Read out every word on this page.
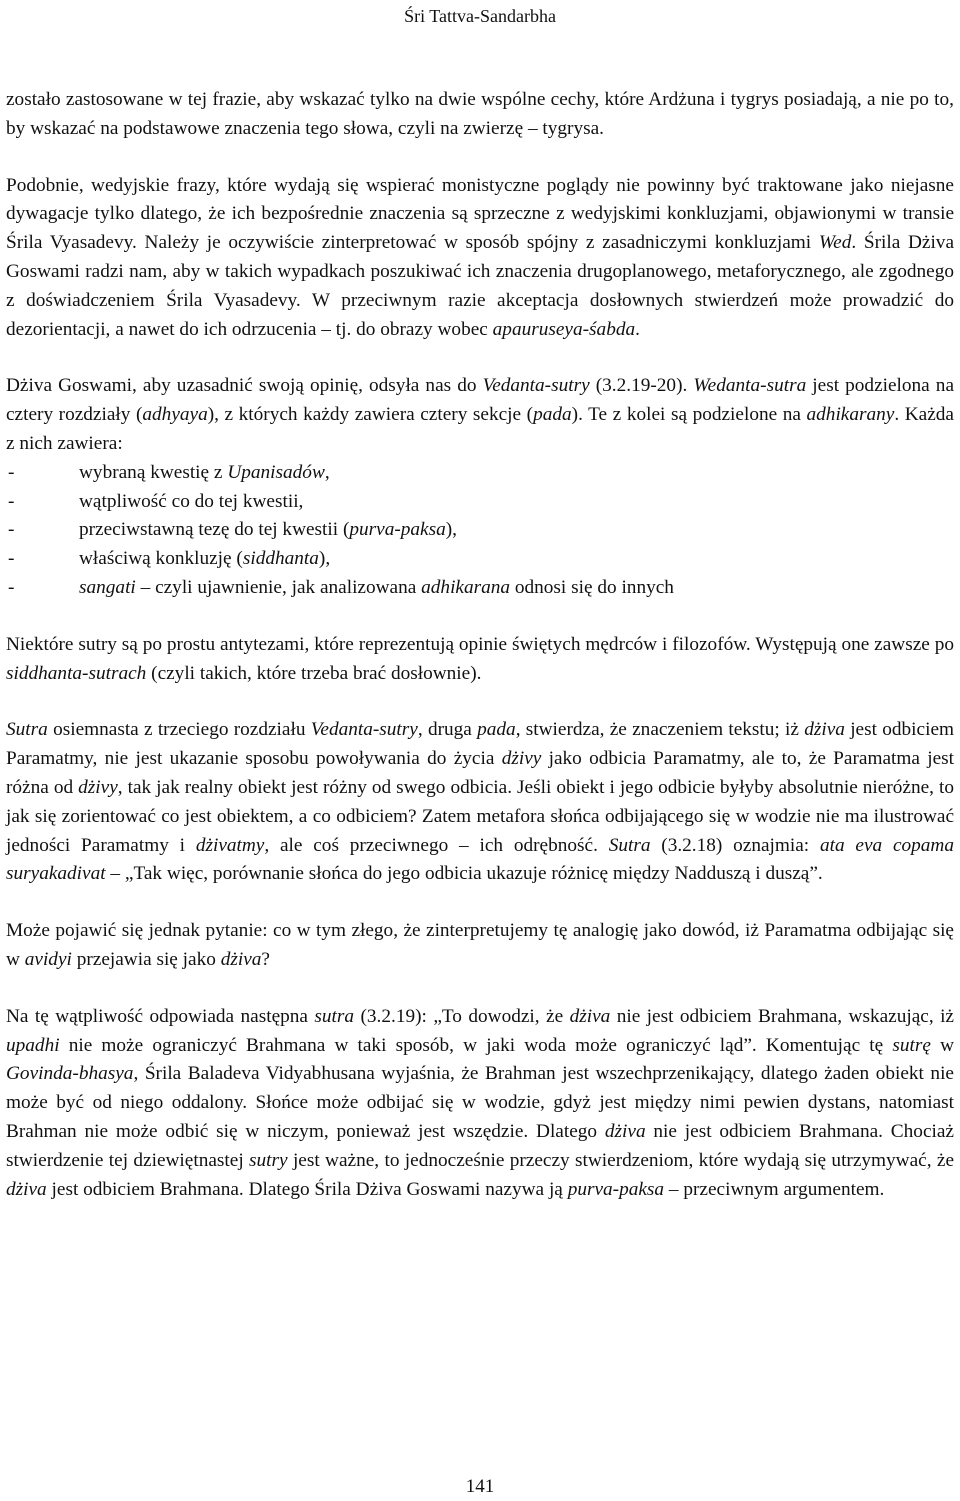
Śri Tattva-Sandarbha

zostało zastosowane w tej frazie, aby wskazać tylko na dwie wspólne cechy, które Ardżuna i tygrys posiadają, a nie po to, by wskazać na podstawowe znaczenia tego słowa, czyli na zwierzę – tygrysa.

Podobnie, wedyjskie frazy, które wydają się wspierać monistyczne poglądy nie powinny być traktowane jako niejasne dywagacje tylko dlatego, że ich bezpośrednie znaczenia są sprzeczne z wedyjskimi konkluzjami, objawionymi w transie Śrila Vyasadevy. Należy je oczywiście zinterpretować w sposób spójny z zasadniczymi konkluzjami Wed. Śrila Dżiva Goswami radzi nam, aby w takich wypadkach poszukiwać ich znaczenia drugoplanowego, metaforycznego, ale zgodnego z doświadczeniem Śrila Vyasadevy. W przeciwnym razie akceptacja dosłownych stwierdzeń może prowadzić do dezorientacji, a nawet do ich odrzucenia – tj. do obrazy wobec apauruseya-śabda.

Dżiva Goswami, aby uzasadnić swoją opinię, odsyła nas do Vedanta-sutry (3.2.19-20). Wedanta-sutra jest podzielona na cztery rozdziały (adhyaya), z których każdy zawiera cztery sekcje (pada). Te z kolei są podzielone na adhikarany. Każda z nich zawiera:

- wybraną kwestię z Upanisadów,
- wątpliwość co do tej kwestii,
- przeciwstawną tezę do tej kwestii (purva-paksa),
- właściwą konkluzję (siddhanta),
- sangati – czyli ujawnienie, jak analizowana adhikarana odnosi się do innych

Niektóre sutry są po prostu antytezami, które reprezentują opinie świętych mędrców i filozofów. Występują one zawsze po siddhanta-sutrach (czyli takich, które trzeba brać dosłownie).

Sutra osiemnasta z trzeciego rozdziału Vedanta-sutry, druga pada, stwierdza, że znaczeniem tekstu; iż dżiva jest odbiciem Paramatmy, nie jest ukazanie sposobu powoływania do życia dżivy jako odbicia Paramatmy, ale to, że Paramatma jest różna od dżivy, tak jak realny obiekt jest różny od swego odbicia. Jeśli obiekt i jego odbicie byłyby absolutnie nieróżne, to jak się zorientować co jest obiektem, a co odbiciem? Zatem metafora słońca odbijającego się w wodzie nie ma ilustrować jedności Paramatmy i dżivatmy, ale coś przeciwnego – ich odrębność. Sutra (3.2.18) oznajmia: ata eva copama suryakadivat – „Tak więc, porównanie słońca do jego odbicia ukazuje różnicę między Nadduszą i duszą”.

Może pojawić się jednak pytanie: co w tym złego, że zinterpretujemy tę analogię jako dowód, iż Paramatma odbijając się w avidyi przejawia się jako dżiva?

Na tę wątpliwość odpowiada następna sutra (3.2.19): „To dowodzi, że dżiva nie jest odbiciem Brahmana, wskazując, iż upadhi nie może ograniczyć Brahmana w taki sposób, w jaki woda może ograniczyć ląd”. Komentując tę sutrę w Govinda-bhasya, Śrila Baladeva Vidyabhusana wyjaśnia, że Brahman jest wszechprzenikający, dlatego żaden obiekt nie może być od niego oddalony. Słońce może odbijać się w wodzie, gdyż jest między nimi pewien dystans, natomiast Brahman nie może odbić się w niczym, ponieważ jest wszędzie. Dlatego dżiva nie jest odbiciem Brahmana. Chociaż stwierdzenie tej dziewiętnastej sutry jest ważne, to jednocześnie przeczy stwierdzeniom, które wydają się utrzymywać, że dżiva jest odbiciem Brahmana. Dlatego Śrila Dżiva Goswami nazywa ją purva-paksa – przeciwnym argumentem.

141
